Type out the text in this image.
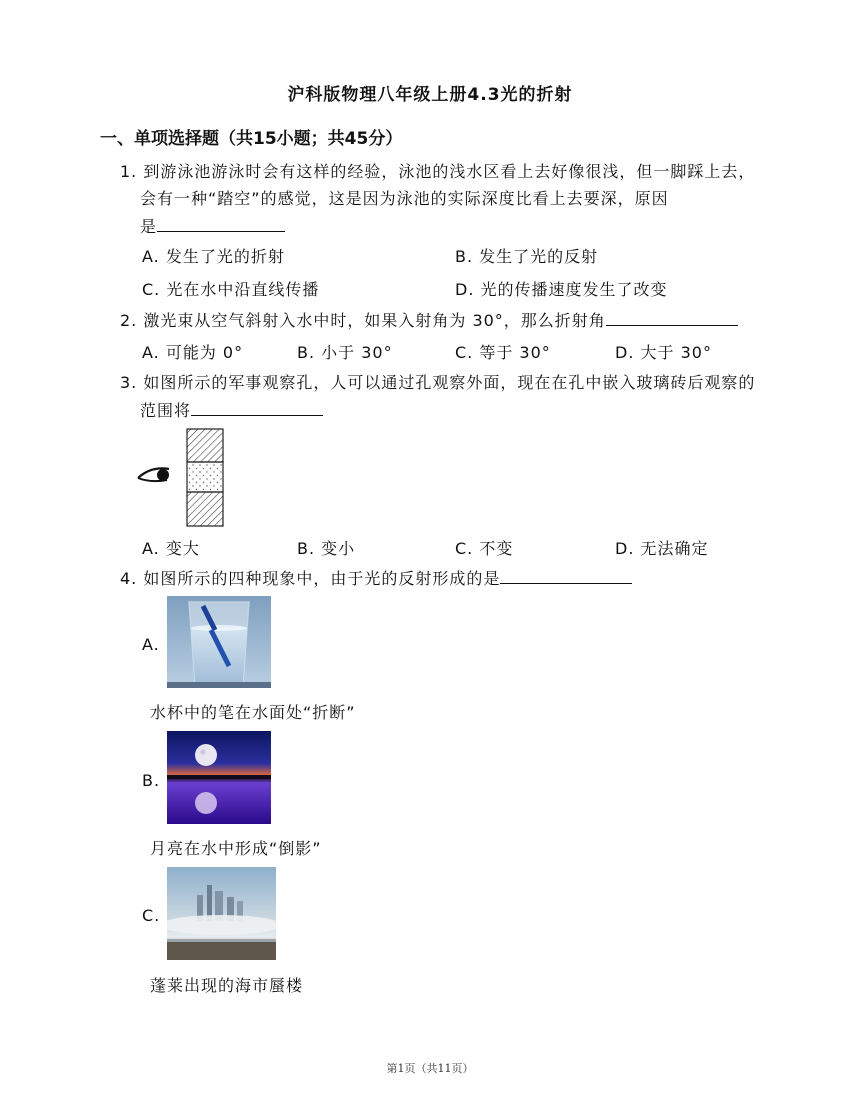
沪科版物理八年级上册4.3光的折射
一、单项选择题（共15小题；共45分）
1. 到游泳池游泳时会有这样的经验，泳池的浅水区看上去好像很浅，但一脚踩上去，
会有一种“踏空”的感觉，这是因为泳池的实际深度比看上去要深，原因
是
A. 发生了光的折射	B. 发生了光的反射
C. 光在水中沿直线传播	D. 光的传播速度发生了改变
2. 激光束从空气斜射入水中时，如果入射角为 30°，那么折射角
A. 可能为 0°	B. 小于 30°	C. 等于 30°	D. 大于 30°
3. 如图所示的军事观察孔，人可以通过孔观察外面，现在在孔中嵌入玻璃砖后观察的
范围将
A. 变大	B. 变小	C. 不变	D. 无法确定
4. 如图所示的四种现象中，由于光的反射形成的是
A.
水杯中的笔在水面处“折断”
B.
月亮在水中形成“倒影”
C.
蓬莱出现的海市蜃楼
第1页（共11页）
